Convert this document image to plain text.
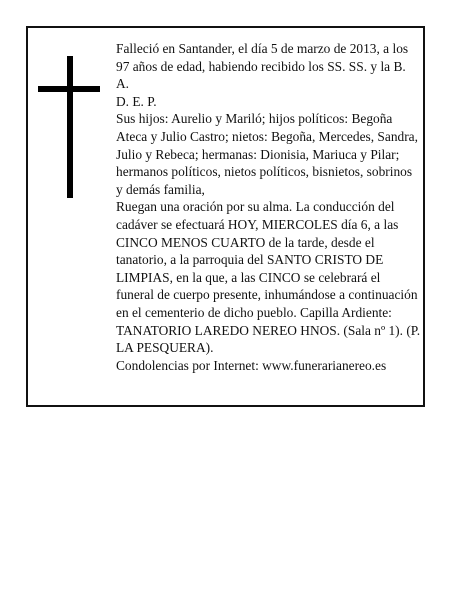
Falleció en Santander, el día 5 de marzo de 2013, a los 97 años de edad, habiendo recibido los SS. SS. y la B. A.

D. E. P.

Sus hijos: Aurelio y Mariló; hijos políticos: Begoña Ateca y Julio Castro; nietos: Begoña, Mercedes, Sandra, Julio y Rebeca; hermanas: Dionisia, Mariuca y Pilar; hermanos políticos, nietos políticos, bisnietos, sobrinos y demás familia,

Ruegan una oración por su alma. La conducción del cadáver se efectuará HOY, MIERCOLES día 6, a las CINCO MENOS CUARTO de la tarde, desde el tanatorio, a la parroquia del SANTO CRISTO DE LIMPIAS, en la que, a las CINCO se celebrará el funeral de cuerpo presente, inhumándose a continuación en el cementerio de dicho pueblo. Capilla Ardiente: TANATORIO LAREDO NEREO HNOS. (Sala nº 1). (P. LA PESQUERA).

Condolencias por Internet: www.funerarianereo.es
